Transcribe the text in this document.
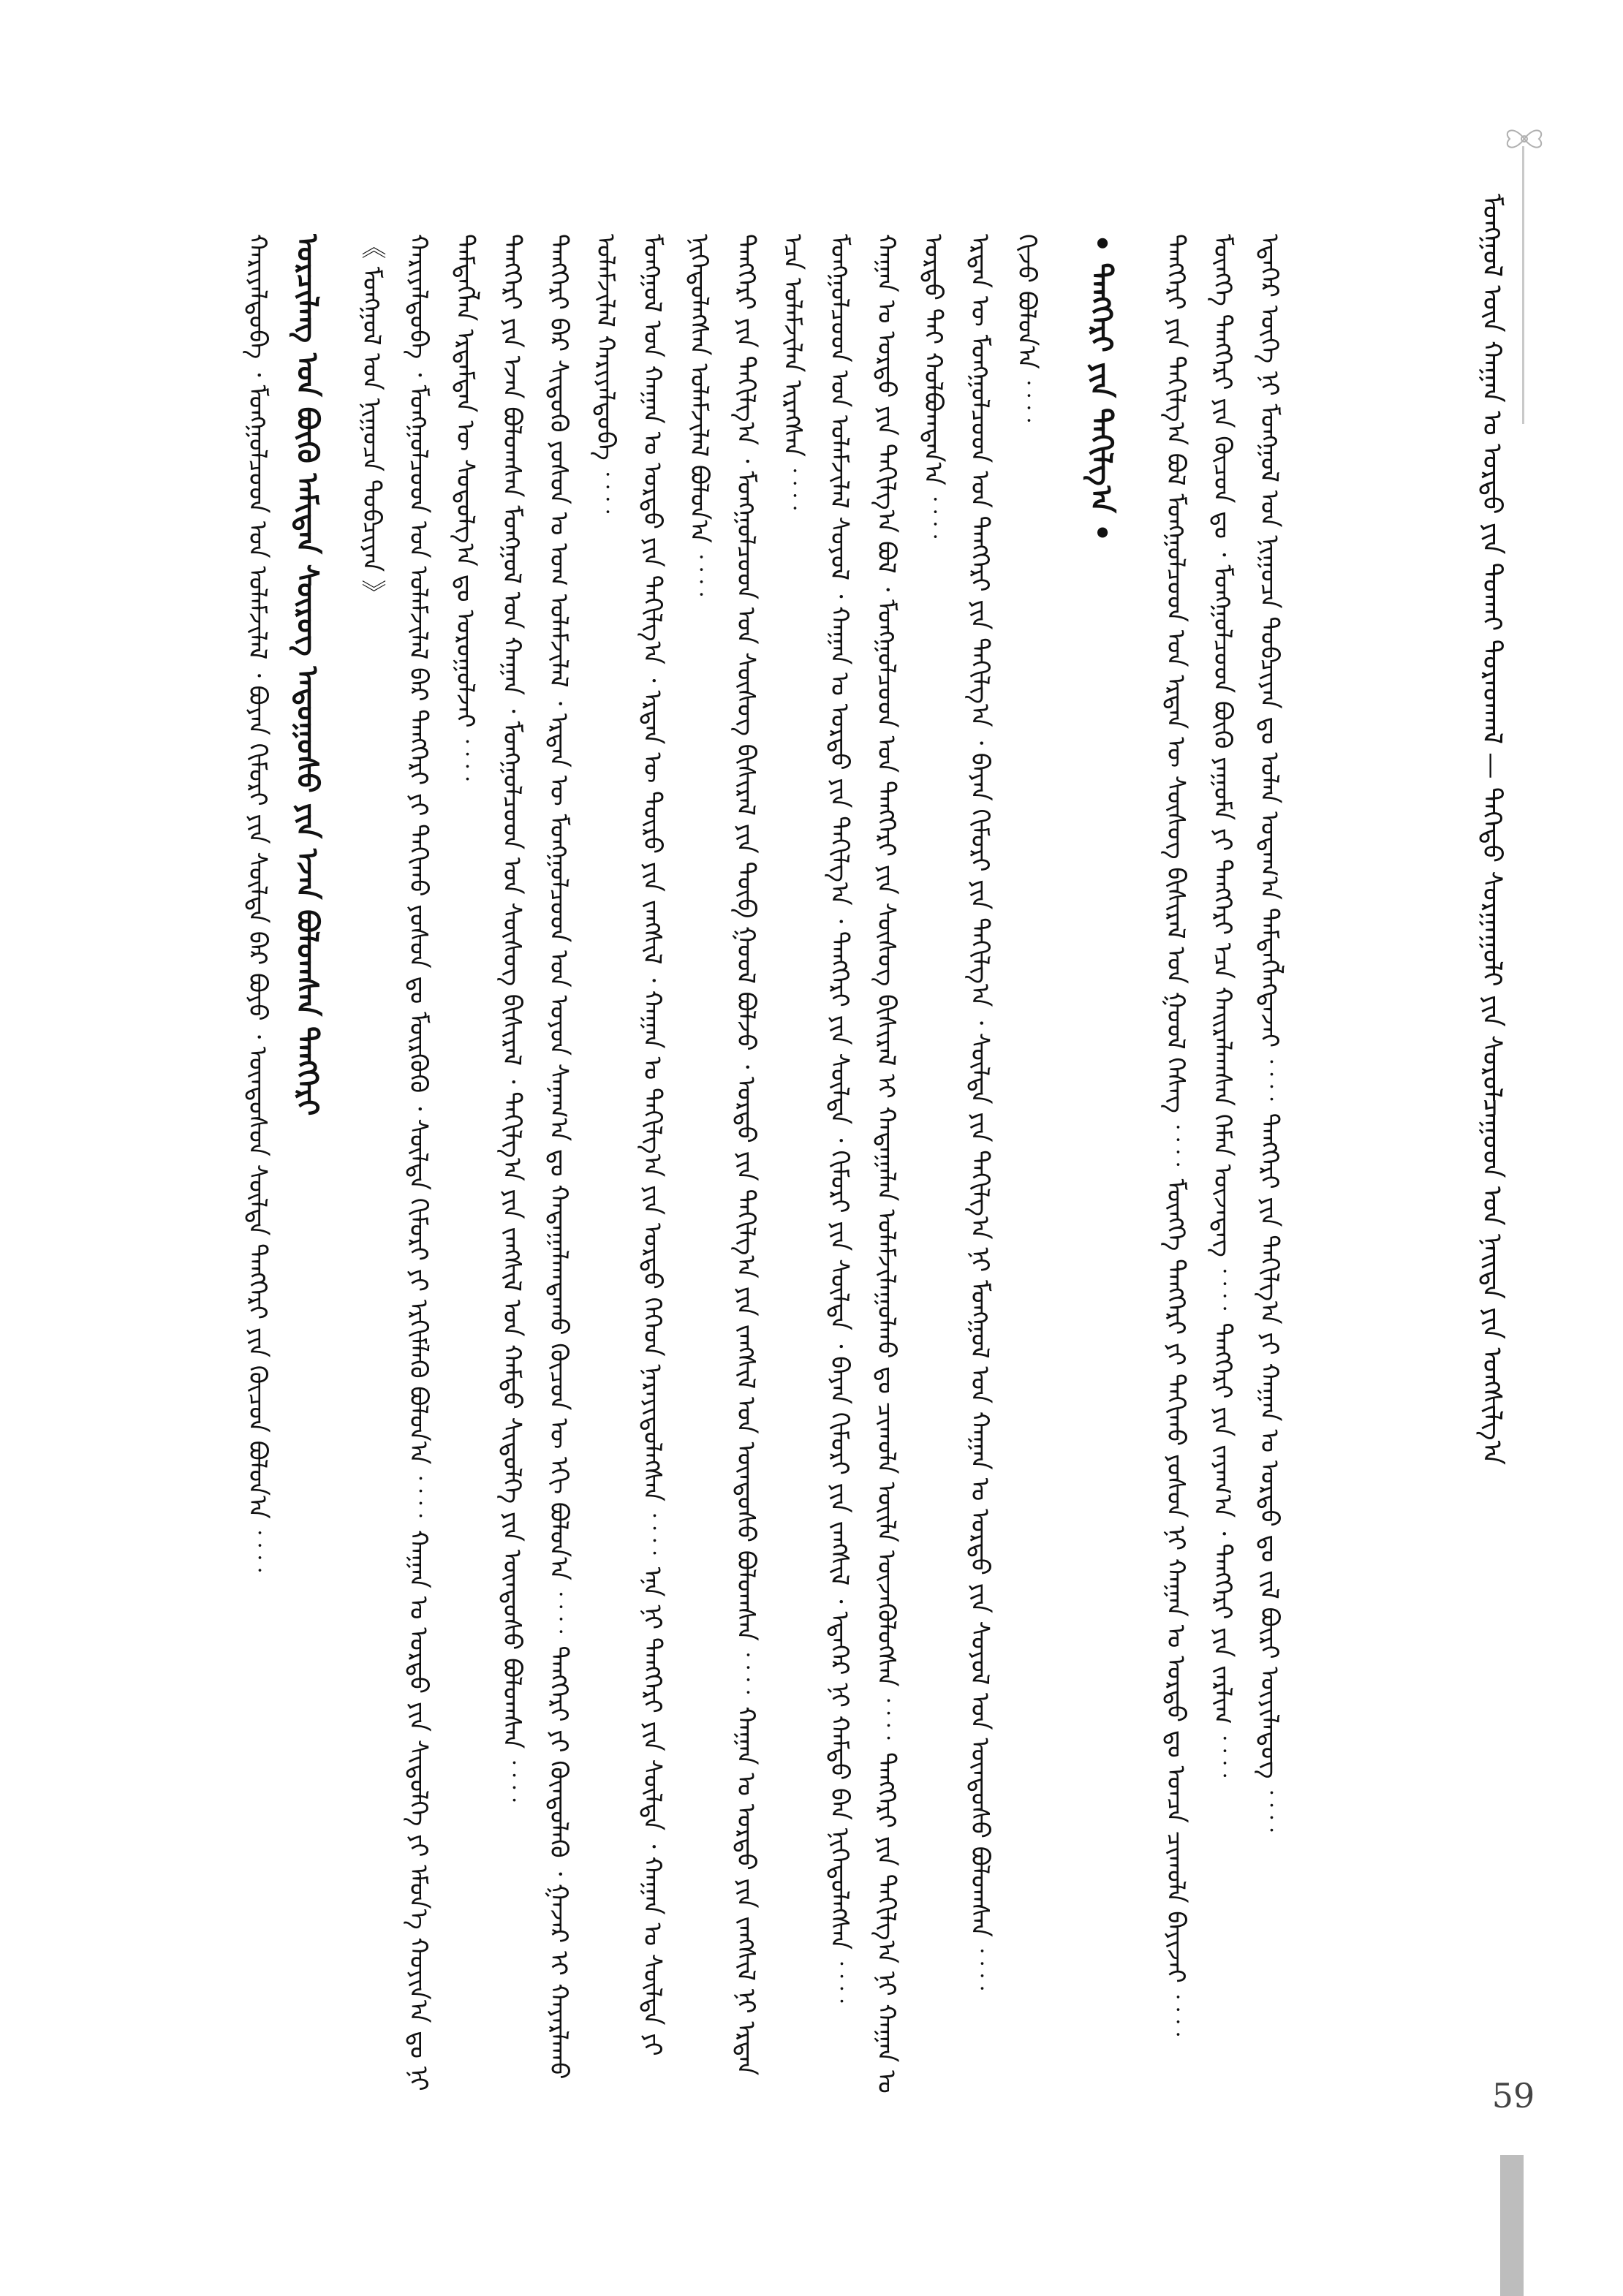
ᠮᠣᠩᠭᠣᠯ ᠦᠨ ᠬᠠᠭᠠᠨ ᠤ ᠣᠷᠳᠣ ᠶᠢᠨ ᠲᠤᠬᠠᠢ ᠳᠤᠷᠠᠳᠬᠠᠯ — ᠳᠡᠭᠡᠳᠦ ᠰᠤᠷᠭᠠᠭᠤᠯᠢ ᠶᠢᠨ ᠰᠤᠷᠤᠯᠴᠠᠭᠤᠳ ᠤᠨ ᠨᠡᠢᠲᠡ ᠶᠢᠨ ᠤᠩᠰᠢᠯᠭ᠎ᠠ

ᠬᠠᠷᠢᠶᠠᠯᠳᠤᠪᠠ ᠂ ᠮᠣᠩᠭᠣᠯᠴᠤᠳ ᠤᠨ ᠤᠯᠠᠮᠵᠢᠯᠠᠯ ᠂ ᠪᠤᠶᠠᠨ ᠬᠢᠮᠤᠷᠢ ᠶᠢᠨ ᠰᠦᠯᠳᠡ ᠪᠠᠷ ᠪᠤᠶᠤ ᠂ ᠦᠨᠳᠦᠰᠦᠨ ᠰᠦᠯᠳᠡ ᠲᠡᠩᠭᠡᠷᠢ ᠶᠢᠨ ᠬᠦᠴᠦᠨ ᠪᠣᠯᠤᠨ᠎ᠠ ︰︰ ᠣᠷᠴᠢᠯᠠᠩ ᠤᠨ ᠪᠦᠬᠦ ᠠᠮᠢᠲᠠᠨ ᠰᠦᠷᠦᠭ ᠠᠳᠤᠭᠤᠰᠤ ᠶᠢᠨ ᠡᠵᠡᠨ ᠪᠣᠯᠤᠭᠰᠠᠨ ᠲᠡᠩᠭᠡᠷᠢ	《 ᠮᠣᠩᠭᠣᠯ ᠤᠨ ᠨᠢᠭᠤᠴᠠ ᠲᠣᠪᠴᠢᠶᠠᠨ 》 ᠬᠠᠷᠢᠶᠠᠯᠳᠤᠪᠠ ᠂ ᠮᠣᠩᠭᠣᠯᠴᠤᠳ ᠤᠨ ᠤᠯᠠᠮᠵᠢᠯᠠᠯ ᠪᠠᠷ ᠲᠡᠩᠭᠡᠷᠢ ᠶᠢ ᠲᠠᠬᠢᠬᠤ ᠶᠣᠰᠤᠨ ᠳᠤ ᠮᠦᠷᠭᠦᠬᠦ ᠂ ᠰᠦᠯᠳᠡ ᠬᠢᠮᠤᠷᠢ ᠶᠢ ᠡᠷᠬᠢᠮᠯᠡᠬᠦ ᠪᠣᠯᠤᠨ᠎ᠠ ︰︰ ᠬᠠᠭᠠᠨ ᠤ ᠣᠷᠳᠣ ᠶᠢᠨ ᠰᠢᠲᠦᠯᠭᠡ ᠶᠢ ᠡᠮᠦᠨ᠎ᠡ ᠬᠣᠶᠢᠨ᠎ᠠ ᠳᠤ ᠨᠢ ᠲᠡᠮᠳᠡᠭᠯᠡᠨ ᠡᠷᠳᠡᠮᠲᠡᠨ ᠦ ᠰᠤᠳᠤᠯᠭ᠎ᠠ ᠳᠤ ᠣᠷᠣᠭᠤᠯᠵᠠᠢ ︰︰ ᠲᠡᠩᠭᠡᠷᠢ ᠶᠢᠨ ᠡᠵᠡᠨ ᠪᠣᠯᠤᠭᠰᠠᠨ ᠮᠣᠩᠭᠣᠯ ᠤᠨ ᠬᠠᠭᠠᠨ ᠂ ᠮᠣᠩᠭᠣᠯᠴᠤᠳ ᠤᠨ ᠰᠦᠰᠦᠭ ᠪᠢᠰᠢᠷᠡᠯ ᠂ ᠲᠠᠬᠢᠯᠭ᠎ᠠ ᠶᠢᠨ ᠵᠠᠩᠰᠢᠯ ᠤᠨ ᠬᠠᠮᠲᠤ ᠰᠢᠲᠦᠯᠭᠡ ᠶᠢᠨ ᠦᠨᠳᠦᠰᠦ ᠪᠣᠯᠤᠭᠰᠠᠨ ︰︰ ᠲᠡᠩᠭᠡᠷᠢ ᠪᠠᠷ ᠰᠢᠲᠦᠬᠦ ᠶᠣᠰᠤᠨ ᠤ ᠤᠭ ᠤᠯᠠᠮᠵᠢᠯᠠᠯ ᠂ ᠡᠷᠲᠡᠨ ᠦ ᠮᠣᠩᠭᠣᠯᠴᠤᠳ ᠤᠨ ᠣᠶᠤᠨ ᠰᠠᠨᠠᠭ᠎ᠠ ᠳᠤ ᠬᠠᠳᠠᠭᠠᠯᠠᠭᠳᠠᠬᠤ ᠬᠦᠴᠦᠨ ᠦ ᠡᠬᠢ ᠪᠣᠯᠤᠨ᠎ᠠ ︰︰ ᠲᠡᠩᠭᠡᠷᠢ ᠶᠢ ᠬᠦᠨᠳᠦᠯᠡᠬᠦ ᠂ ᠭᠠᠵᠠᠷ ᠢ ᠬᠠᠶᠠᠷᠯᠠᠬᠤ ᠤᠯᠠᠮᠵᠢᠯᠠᠯ ᠬᠠᠷᠢᠶᠠᠯᠳᠤᠪᠠ ︰︰ ᠮᠣᠩᠭᠣᠯ ᠤᠨ ᠬᠠᠭᠠᠨ ᠤ ᠣᠷᠳᠣ ᠶᠢᠨ ᠲᠠᠬᠢᠯᠭ᠎ᠠ ᠂ ᠡᠷᠲᠡᠨ ᠦ ᠲᠦᠷᠦ ᠶᠢᠨ ᠵᠠᠩᠰᠢᠯ ᠂ ᠬᠠᠭᠠᠨ ᠤ ᠲᠠᠬᠢᠯᠭ᠎ᠠ ᠶᠢᠨ ᠣᠷᠳᠣ ᠬᠡᠭᠡᠳ ᠨᠡᠷᠡᠶᠢᠳᠦᠯᠡᠭᠰᠡᠨ ︰︰ ᠡᠨᠡ ᠨᠢ ᠲᠡᠩᠭᠡᠷᠢ ᠶᠢᠨ ᠰᠦᠯᠳᠡ ᠂ ᠬᠠᠭᠠᠨ ᠤ ᠰᠦᠯᠳᠡ ᠶᠢ ᠨᠢᠭᠡᠳᠦᠯᠡᠭᠰᠡᠨ ᠤᠯᠠᠮᠵᠢᠯᠠᠯ ᠪᠣᠯᠤᠨ᠎ᠠ ︰︰ ᠲᠡᠩᠭᠡᠷᠢ ᠶᠢᠨ ᠲᠠᠬᠢᠯᠭ᠎ᠠ ᠂ ᠮᠣᠩᠭᠣᠯᠴᠤᠳ ᠤᠨ ᠰᠦᠰᠦᠭ ᠪᠢᠰᠢᠷᠡᠯ ᠶᠢᠨ ᠲᠦᠪ ᠭᠣᠣᠯ ᠪᠣᠯᠵᠤ ᠂ ᠣᠷᠳᠣ ᠶᠢᠨ ᠲᠠᠬᠢᠯᠭ᠎ᠠ ᠶᠢᠨ ᠵᠠᠩᠰᠢᠯ ᠤᠨ ᠦᠨᠳᠦᠰᠦ ᠪᠣᠯᠤᠭᠰᠠᠨ ︰︰ ᠬᠠᠭᠠᠨ ᠤ ᠣᠷᠳᠣ ᠶᠢᠨ ᠵᠠᠩᠰᠢᠯ ᠨᠢ ᠡᠷᠲᠡᠨ ᠡᠴᠡ ᠤᠯᠠᠮᠵᠢᠯᠠᠨ ᠢᠷᠡᠭᠰᠡᠨ ︰︰ ᠮᠣᠩᠭᠣᠯᠴᠤᠳ ᠤᠨ ᠤᠯᠠᠮᠵᠢᠯᠠᠯ ᠰᠣᠶᠣᠯ ᠂ ᠬᠠᠭᠠᠨ ᠤ ᠣᠷᠳᠣ ᠶᠢᠨ ᠲᠠᠬᠢᠯᠭ᠎ᠠ ᠂ ᠲᠡᠩᠭᠡᠷᠢ ᠶᠢᠨ ᠰᠦᠯᠳᠡ ᠂ ᠬᠢᠮᠤᠷᠢ ᠶᠢᠨ ᠰᠦᠯᠳᠡ ᠂ ᠪᠠᠶᠠᠨ ᠬᠢᠮᠤᠷᠢ ᠶᠢᠨ ᠵᠠᠩᠰᠢᠯ ᠂ ᠡᠳᠡᠭᠡᠷ ᠨᠢ ᠬᠠᠮᠲᠤ ᠪᠠᠨ ᠨᠢᠭᠡᠳᠦᠯᠡᠭᠰᠡᠨ ︰︰ ᠬᠠᠭᠠᠨ ᠤ ᠣᠷᠳᠣ ᠶᠢᠨ ᠲᠠᠬᠢᠯᠭ᠎ᠠ ᠪᠣᠯ ᠂ ᠮᠣᠩᠭᠣᠯᠴᠤᠳ ᠤᠨ ᠲᠡᠩᠭᠡᠷᠢ ᠶᠢᠨ ᠰᠦᠰᠦᠭ ᠪᠢᠰᠢᠷᠡᠯ ᠢ ᠬᠠᠳᠠᠭᠠᠯᠠᠨ ᠤᠯᠠᠮᠵᠢᠯᠠᠭᠤᠯᠬᠤ ᠳᠤ ᠴᠢᠬᠤᠯᠠ ᠦᠢᠯᠡ ᠦᠵᠡᠭᠦᠯᠦᠭᠰᠡᠨ ︰︰ ᠲᠡᠩᠭᠡᠷᠢ ᠶᠢᠨ ᠲᠠᠬᠢᠯᠭ᠎ᠠ ᠨᠢ ᠬᠠᠭᠠᠨ ᠤ ᠣᠷᠳᠣ ᠲᠠᠢ ᠬᠣᠯᠪᠣᠭᠳᠠᠨ᠎ᠠ ︰︰ ᠡᠷᠲᠡᠨ ᠦ ᠮᠣᠩᠭᠣᠯᠴᠤᠳ ᠤᠨ ᠲᠡᠩᠭᠡᠷᠢ ᠶᠢᠨ ᠲᠠᠬᠢᠯᠭ᠎ᠠ ᠂ ᠪᠠᠶᠠᠨ ᠬᠢᠮᠤᠷᠢ ᠶᠢᠨ ᠲᠠᠬᠢᠯᠭ᠎ᠠ ᠂ ᠰᠦᠯᠳᠡ ᠶᠢᠨ ᠲᠠᠬᠢᠯᠭ᠎ᠠ ᠨᠢ ᠮᠣᠩᠭᠣᠯ ᠤᠨ ᠬᠠᠭᠠᠨ ᠤ ᠣᠷᠳᠣ ᠶᠢᠨ ᠰᠣᠶᠣᠯ ᠤᠨ ᠦᠨᠳᠦᠰᠦ ᠪᠣᠯᠤᠭᠰᠠᠨ ︰︰ ᠬᠢᠵᠦ ᠪᠣᠯᠤᠨ᠎ᠠ ︰︰	• ᠲᠡᠩᠭᠡᠷᠢ ᠶᠢᠨ ᠲᠠᠬᠢᠯᠭ᠎ᠠ •	ᠲᠡᠩᠭᠡᠷᠢ ᠶᠢᠨ ᠲᠠᠬᠢᠯᠭ᠎ᠠ ᠪᠣᠯ ᠮᠣᠩᠭᠣᠯᠴᠤᠳ ᠤᠨ ᠡᠷᠲᠡᠨ ᠦ ᠰᠦᠰᠦᠭ ᠪᠢᠰᠢᠷᠡᠯ ᠤᠨ ᠭᠣᠣᠯ ᠬᠡᠰᠡᠭ ︰︰ ᠮᠥᠩᠬᠡ ᠲᠡᠩᠭᠡᠷᠢ ᠶᠢ ᠲᠠᠬᠢᠬᠤ ᠶᠣᠰᠤᠨ ᠨᠢ ᠬᠠᠭᠠᠨ ᠤ ᠣᠷᠳᠣ ᠳᠤ ᠣᠨᠴᠠ ᠴᠢᠬᠤᠯᠠ ᠪᠠᠶᠢᠵᠠᠢ ︰︰ ᠮᠥᠩᠬᠡ ᠲᠡᠩᠭᠡᠷᠢ ᠶᠢᠨ ᠬᠦᠴᠦᠨ ᠳᠤ ᠂ ᠮᠣᠩᠭᠣᠯᠴᠤᠳ ᠪᠦᠬᠦ ᠶᠠᠭᠤᠮᠠ ᠶᠢ ᠲᠡᠩᠭᠡᠷᠢ ᠡᠴᠡ ᠬᠠᠢᠷᠠᠯᠠᠭᠰᠠᠨ ᠬᠡᠮᠡᠨ ᠦᠵᠡᠳᠡᠭ ︰︰ ᠲᠡᠩᠭᠡᠷᠢ ᠶᠢᠨ ᠵᠠᠶᠠᠭ᠎ᠠ ᠂ ᠲᠡᠩᠭᠡᠷᠢ ᠶᠢᠨ ᠵᠠᠷᠯᠢᠭ ︰︰ ᠡᠳᠡᠭᠡᠷ ᠦᠭᠡ ᠨᠢ ᠮᠣᠩᠭᠣᠯ ᠤᠨ ᠨᠢᠭᠤᠴᠠ ᠲᠣᠪᠴᠢᠶᠠᠨ ᠳᠤ ᠣᠯᠠᠨ ᠤᠳᠠᠭ᠎ᠠ ᠲᠡᠮᠳᠡᠭᠯᠡᠭᠳᠡᠵᠡᠢ ︰︰ ᠲᠡᠩᠭᠡᠷᠢ ᠶᠢᠨ ᠲᠠᠬᠢᠯᠭ᠎ᠠ ᠶᠢ ᠬᠠᠭᠠᠨ ᠤ ᠣᠷᠳᠣ ᠳᠤ ᠵᠢᠯ ᠪᠦᠷᠢ ᠦᠶᠢᠯᠡᠳᠦᠭ ︰︰

59
